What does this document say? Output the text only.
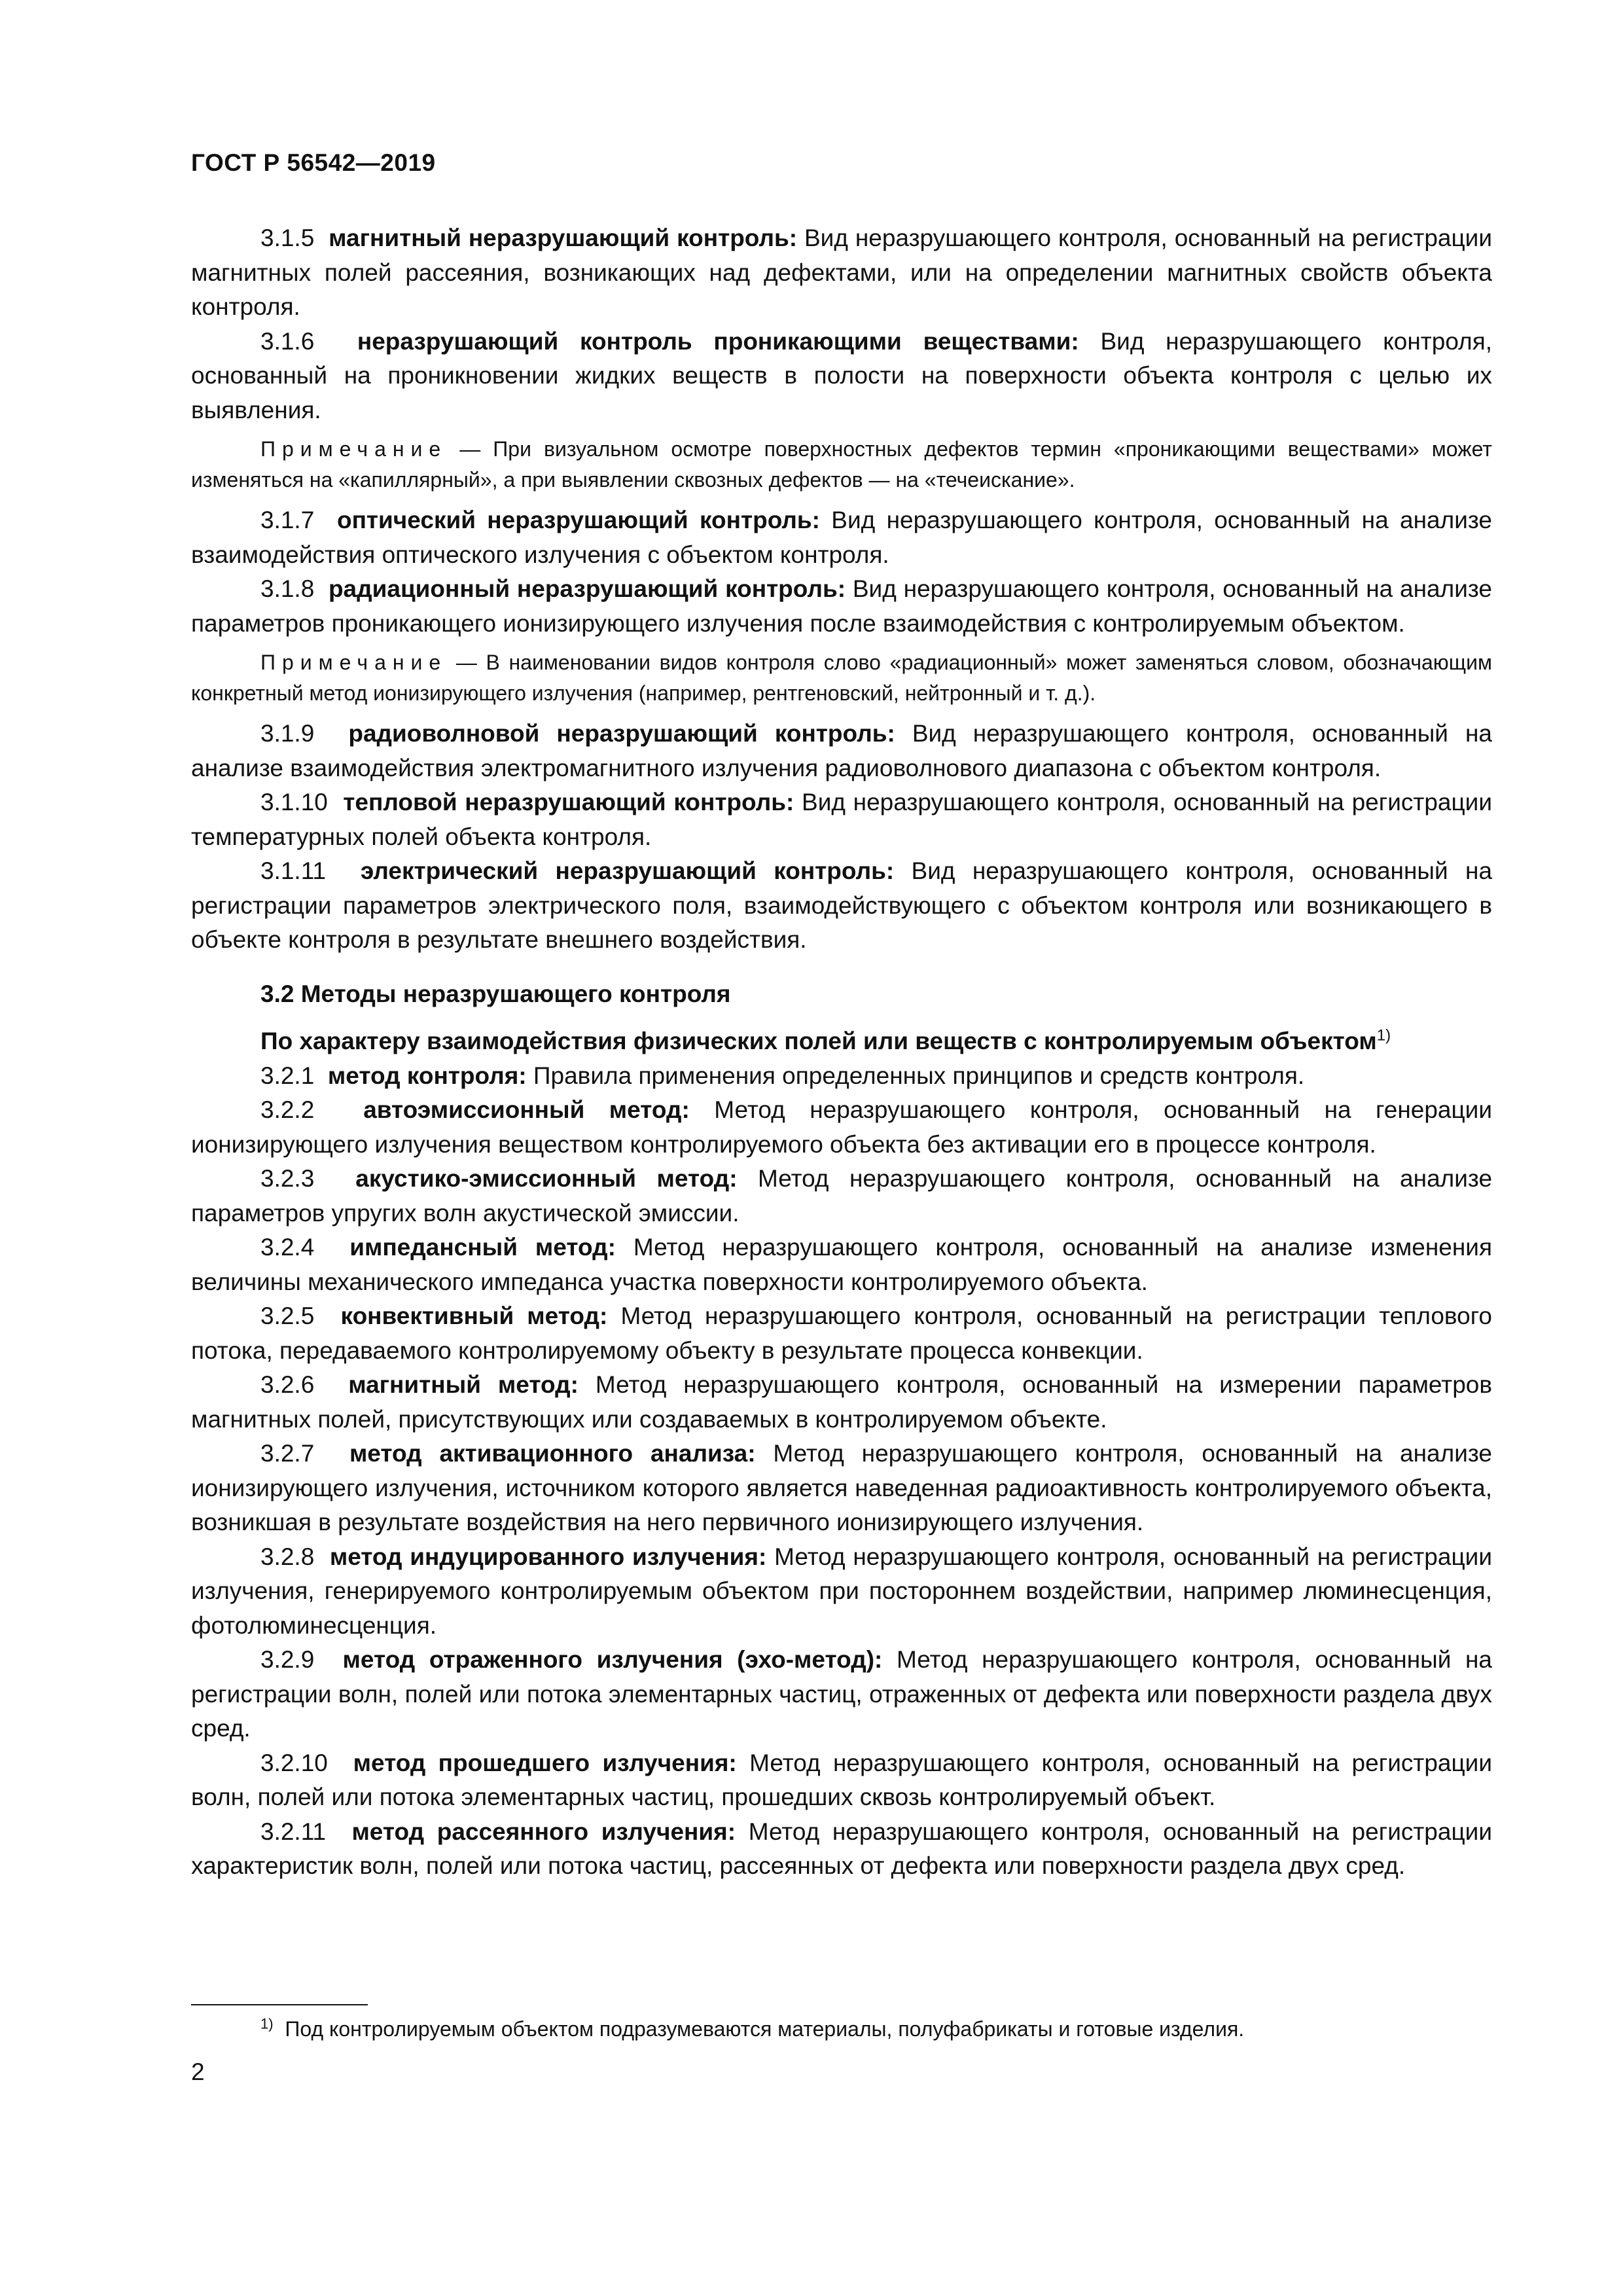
ГОСТ Р 56542—2019

3.1.5 магнитный неразрушающий контроль: Вид неразрушающего контроля, основанный на регистрации магнитных полей рассеяния, возникающих над дефектами, или на определении магнитных свойств объекта контроля.

3.1.6 неразрушающий контроль проникающими веществами: Вид неразрушающего контроля, основанный на проникновении жидких веществ в полости на поверхности объекта контроля с целью их выявления.

Примечание — При визуальном осмотре поверхностных дефектов термин «проникающими веществами» может изменяться на «капиллярный», а при выявлении сквозных дефектов — на «течеискание».

3.1.7 оптический неразрушающий контроль: Вид неразрушающего контроля, основанный на анализе взаимодействия оптического излучения с объектом контроля.

3.1.8 радиационный неразрушающий контроль: Вид неразрушающего контроля, основанный на анализе параметров проникающего ионизирующего излучения после взаимодействия с контролируемым объектом.

Примечание — В наименовании видов контроля слово «радиационный» может заменяться словом, обозначающим конкретный метод ионизирующего излучения (например, рентгеновский, нейтронный и т. д.).

3.1.9 радиоволновой неразрушающий контроль: Вид неразрушающего контроля, основанный на анализе взаимодействия электромагнитного излучения радиоволнового диапазона с объектом контроля.

3.1.10 тепловой неразрушающий контроль: Вид неразрушающего контроля, основанный на регистрации температурных полей объекта контроля.

3.1.11 электрический неразрушающий контроль: Вид неразрушающего контроля, основанный на регистрации параметров электрического поля, взаимодействующего с объектом контроля или возникающего в объекте контроля в результате внешнего воздействия.

3.2 Методы неразрушающего контроля

По характеру взаимодействия физических полей или веществ с контролируемым объектом$^{1)}$

3.2.1 метод контроля: Правила применения определенных принципов и средств контроля.

3.2.2 автоэмиссионный метод: Метод неразрушающего контроля, основанный на генерации ионизирующего излучения веществом контролируемого объекта без активации его в процессе контроля.

3.2.3 акустико-эмиссионный метод: Метод неразрушающего контроля, основанный на анализе параметров упругих волн акустической эмиссии.

3.2.4 импедансный метод: Метод неразрушающего контроля, основанный на анализе изменения величины механического импеданса участка поверхности контролируемого объекта.

3.2.5 конвективный метод: Метод неразрушающего контроля, основанный на регистрации теплового потока, передаваемого контролируемому объекту в результате процесса конвекции.

3.2.6 магнитный метод: Метод неразрушающего контроля, основанный на измерении параметров магнитных полей, присутствующих или создаваемых в контролируемом объекте.

3.2.7 метод активационного анализа: Метод неразрушающего контроля, основанный на анализе ионизирующего излучения, источником которого является наведенная радиоактивность контролируемого объекта, возникшая в результате воздействия на него первичного ионизирующего излучения.

3.2.8 метод индуцированного излучения: Метод неразрушающего контроля, основанный на регистрации излучения, генерируемого контролируемым объектом при постороннем воздействии, например люминесценция, фотолюминесценция.

3.2.9 метод отраженного излучения (эхо-метод): Метод неразрушающего контроля, основанный на регистрации волн, полей или потока элементарных частиц, отраженных от дефекта или поверхности раздела двух сред.

3.2.10 метод прошедшего излучения: Метод неразрушающего контроля, основанный на регистрации волн, полей или потока элементарных частиц, прошедших сквозь контролируемый объект.

3.2.11 метод рассеянного излучения: Метод неразрушающего контроля, основанный на регистрации характеристик волн, полей или потока частиц, рассеянных от дефекта или поверхности раздела двух сред.

$^{1)}$ Под контролируемым объектом подразумеваются материалы, полуфабрикаты и готовые изделия.
2
